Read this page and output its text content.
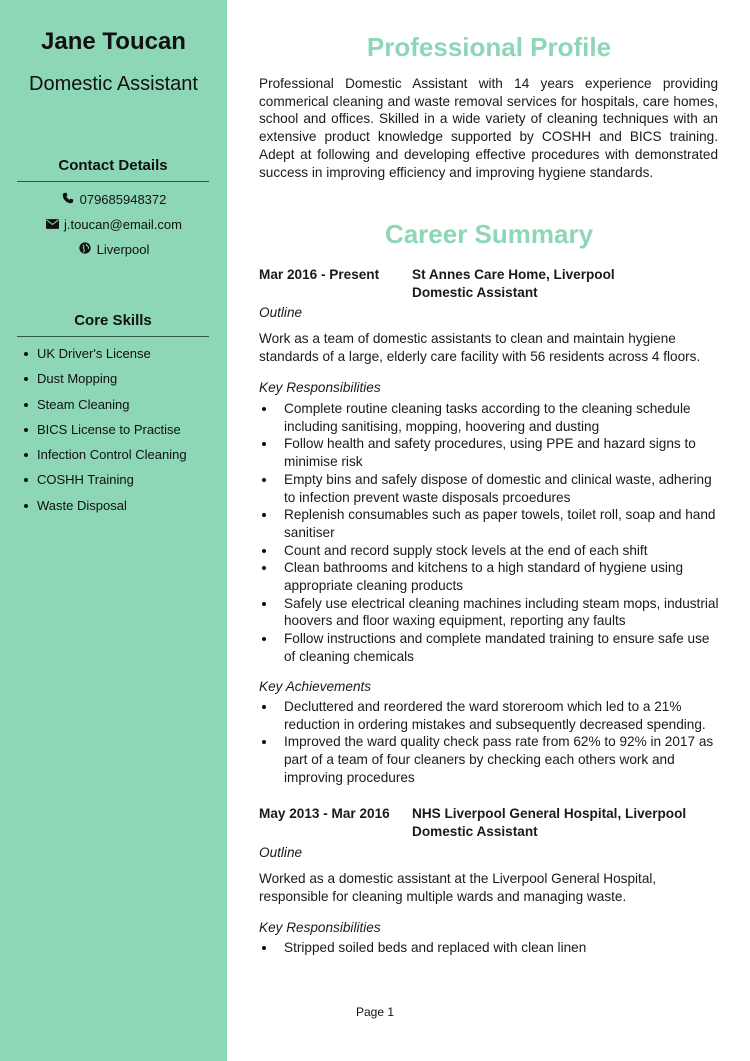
Jane Toucan
Domestic Assistant
Contact Details
079685948372
j.toucan@email.com
Liverpool
Core Skills
UK Driver's License
Dust Mopping
Steam Cleaning
BICS License to Practise
Infection Control Cleaning
COSHH Training
Waste Disposal
Professional Profile

Professional Domestic Assistant with 14 years experience providing commerical cleaning and waste removal services for hospitals, care homes, school and offices. Skilled in a wide variety of cleaning techniques with an extensive product knowledge supported by COSHH and BICS training. Adept at following and developing effective procedures with demonstrated success in improving efficiency and improving hygiene standards.

Career Summary
Mar 2016 - Present St Annes Care Home, Liverpool
Domestic Assistant
Outline

Work as a team of domestic assistants to clean and maintain hygiene standards of a large, elderly care facility with 56 residents across 4 floors.

Key Responsibilities
Complete routine cleaning tasks according to the cleaning schedule including sanitising, mopping, hoovering and dusting
Follow health and safety procedures, using PPE and hazard signs to minimise risk
Empty bins and safely dispose of domestic and clinical waste, adhering to infection prevent waste disposals prcoedures
Replenish consumables such as paper towels, toilet roll, soap and hand sanitiser
Count and record supply stock levels at the end of each shift
Clean bathrooms and kitchens to a high standard of hygiene using appropriate cleaning products
Safely use electrical cleaning machines including steam mops, industrial hoovers and floor waxing equipment, reporting any faults
Follow instructions and complete mandated training to ensure safe use of cleaning chemicals
Key Achievements
Decluttered and reordered the ward storeroom which led to a 21% reduction in ordering mistakes and subsequently decreased spending.
Improved the ward quality check pass rate from 62% to 92% in 2017 as part of a team of four cleaners by checking each others work and improving procedures
May 2013 - Mar 2016 NHS Liverpool General Hospital, Liverpool
Domestic Assistant
Outline

Worked as a domestic assistant at the Liverpool General Hospital, responsible for cleaning multiple wards and managing waste.

Key Responsibilities
Stripped soiled beds and replaced with clean linen
Page 1
